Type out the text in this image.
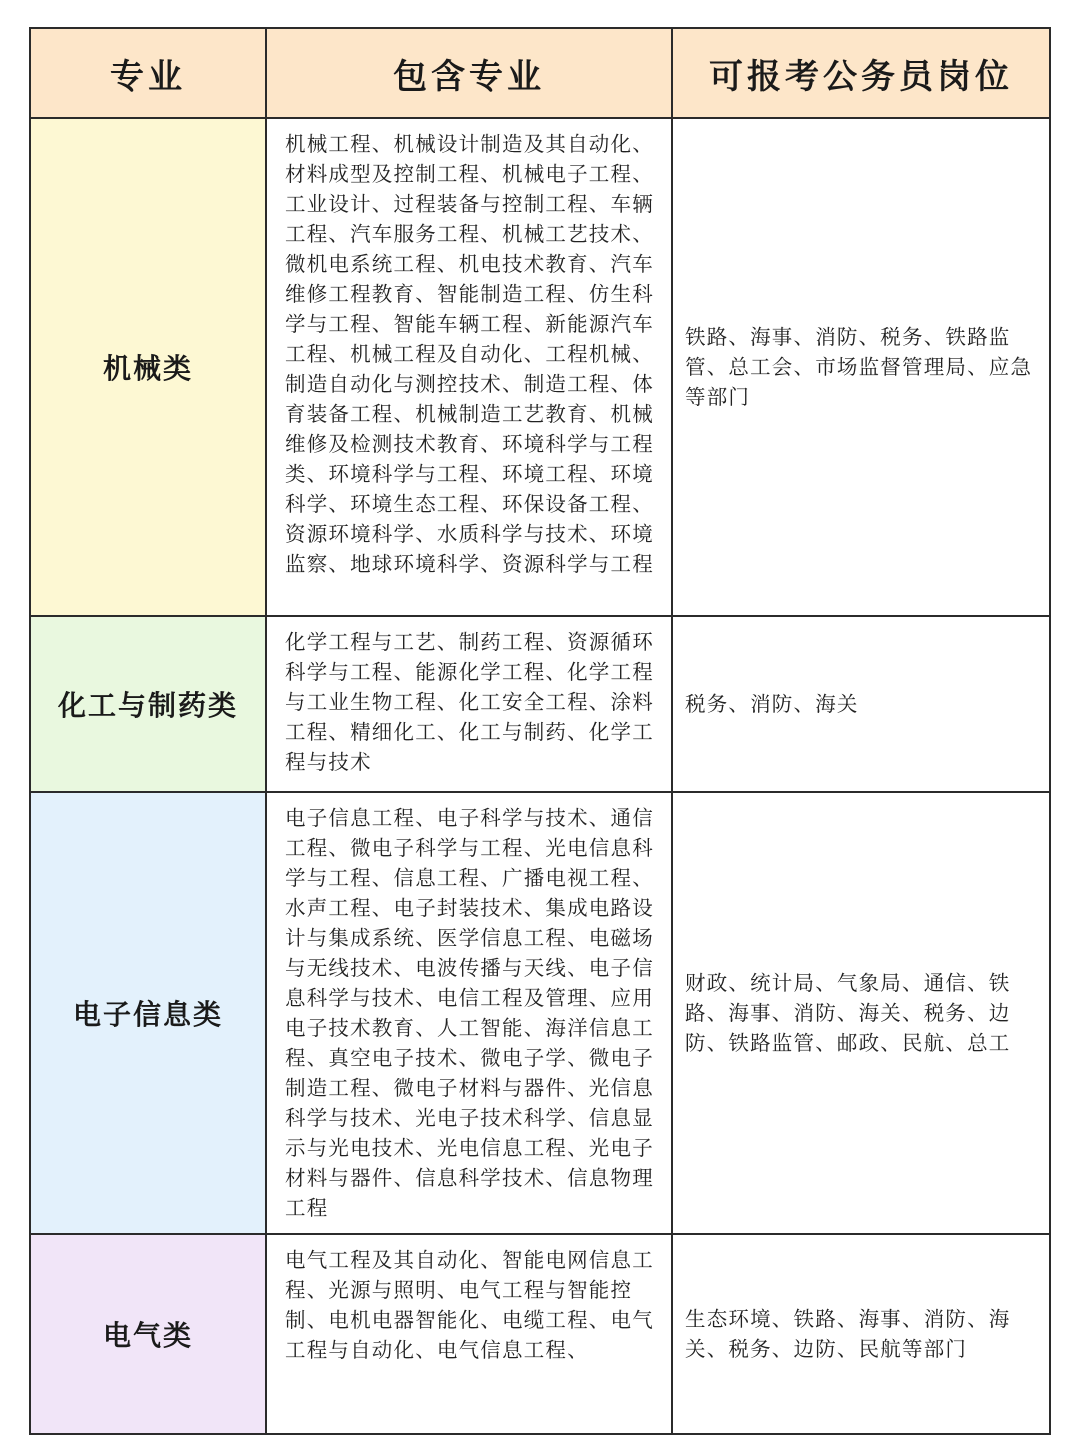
专业	包含专业	可报考公务员岗位
机械类	机械工程、机械设计制造及其自动化、材料成型及控制工程、机械电子工程、工业设计、过程装备与控制工程、车辆工程、汽车服务工程、机械工艺技术、微机电系统工程、机电技术教育、汽车维修工程教育、智能制造工程、仿生科学与工程、智能车辆工程、新能源汽车工程、机械工程及自动化、工程机械、制造自动化与测控技术、制造工程、体育装备工程、机械制造工艺教育、机械维修及检测技术教育、环境科学与工程类、环境科学与工程、环境工程、环境科学、环境生态工程、环保设备工程、资源环境科学、水质科学与技术、环境监察、地球环境科学、资源科学与工程	铁路、海事、消防、税务、铁路监管、总工会、市场监督管理局、应急等部门
化工与制药类	化学工程与工艺、制药工程、资源循环科学与工程、能源化学工程、化学工程与工业生物工程、化工安全工程、涂料工程、精细化工、化工与制药、化学工程与技术	税务、消防、海关
电子信息类	电子信息工程、电子科学与技术、通信工程、微电子科学与工程、光电信息科学与工程、信息工程、广播电视工程、水声工程、电子封装技术、集成电路设计与集成系统、医学信息工程、电磁场与无线技术、电波传播与天线、电子信息科学与技术、电信工程及管理、应用电子技术教育、人工智能、海洋信息工程、真空电子技术、微电子学、微电子制造工程、微电子材料与器件、光信息科学与技术、光电子技术科学、信息显示与光电技术、光电信息工程、光电子材料与器件、信息科学技术、信息物理工程	财政、统计局、气象局、通信、铁路、海事、消防、海关、税务、边防、铁路监管、邮政、民航、总工
电气类	电气工程及其自动化、智能电网信息工程、光源与照明、电气工程与智能控制、电机电器智能化、电缆工程、电气工程与自动化、电气信息工程、	生态环境、铁路、海事、消防、海关、税务、边防、民航等部门
